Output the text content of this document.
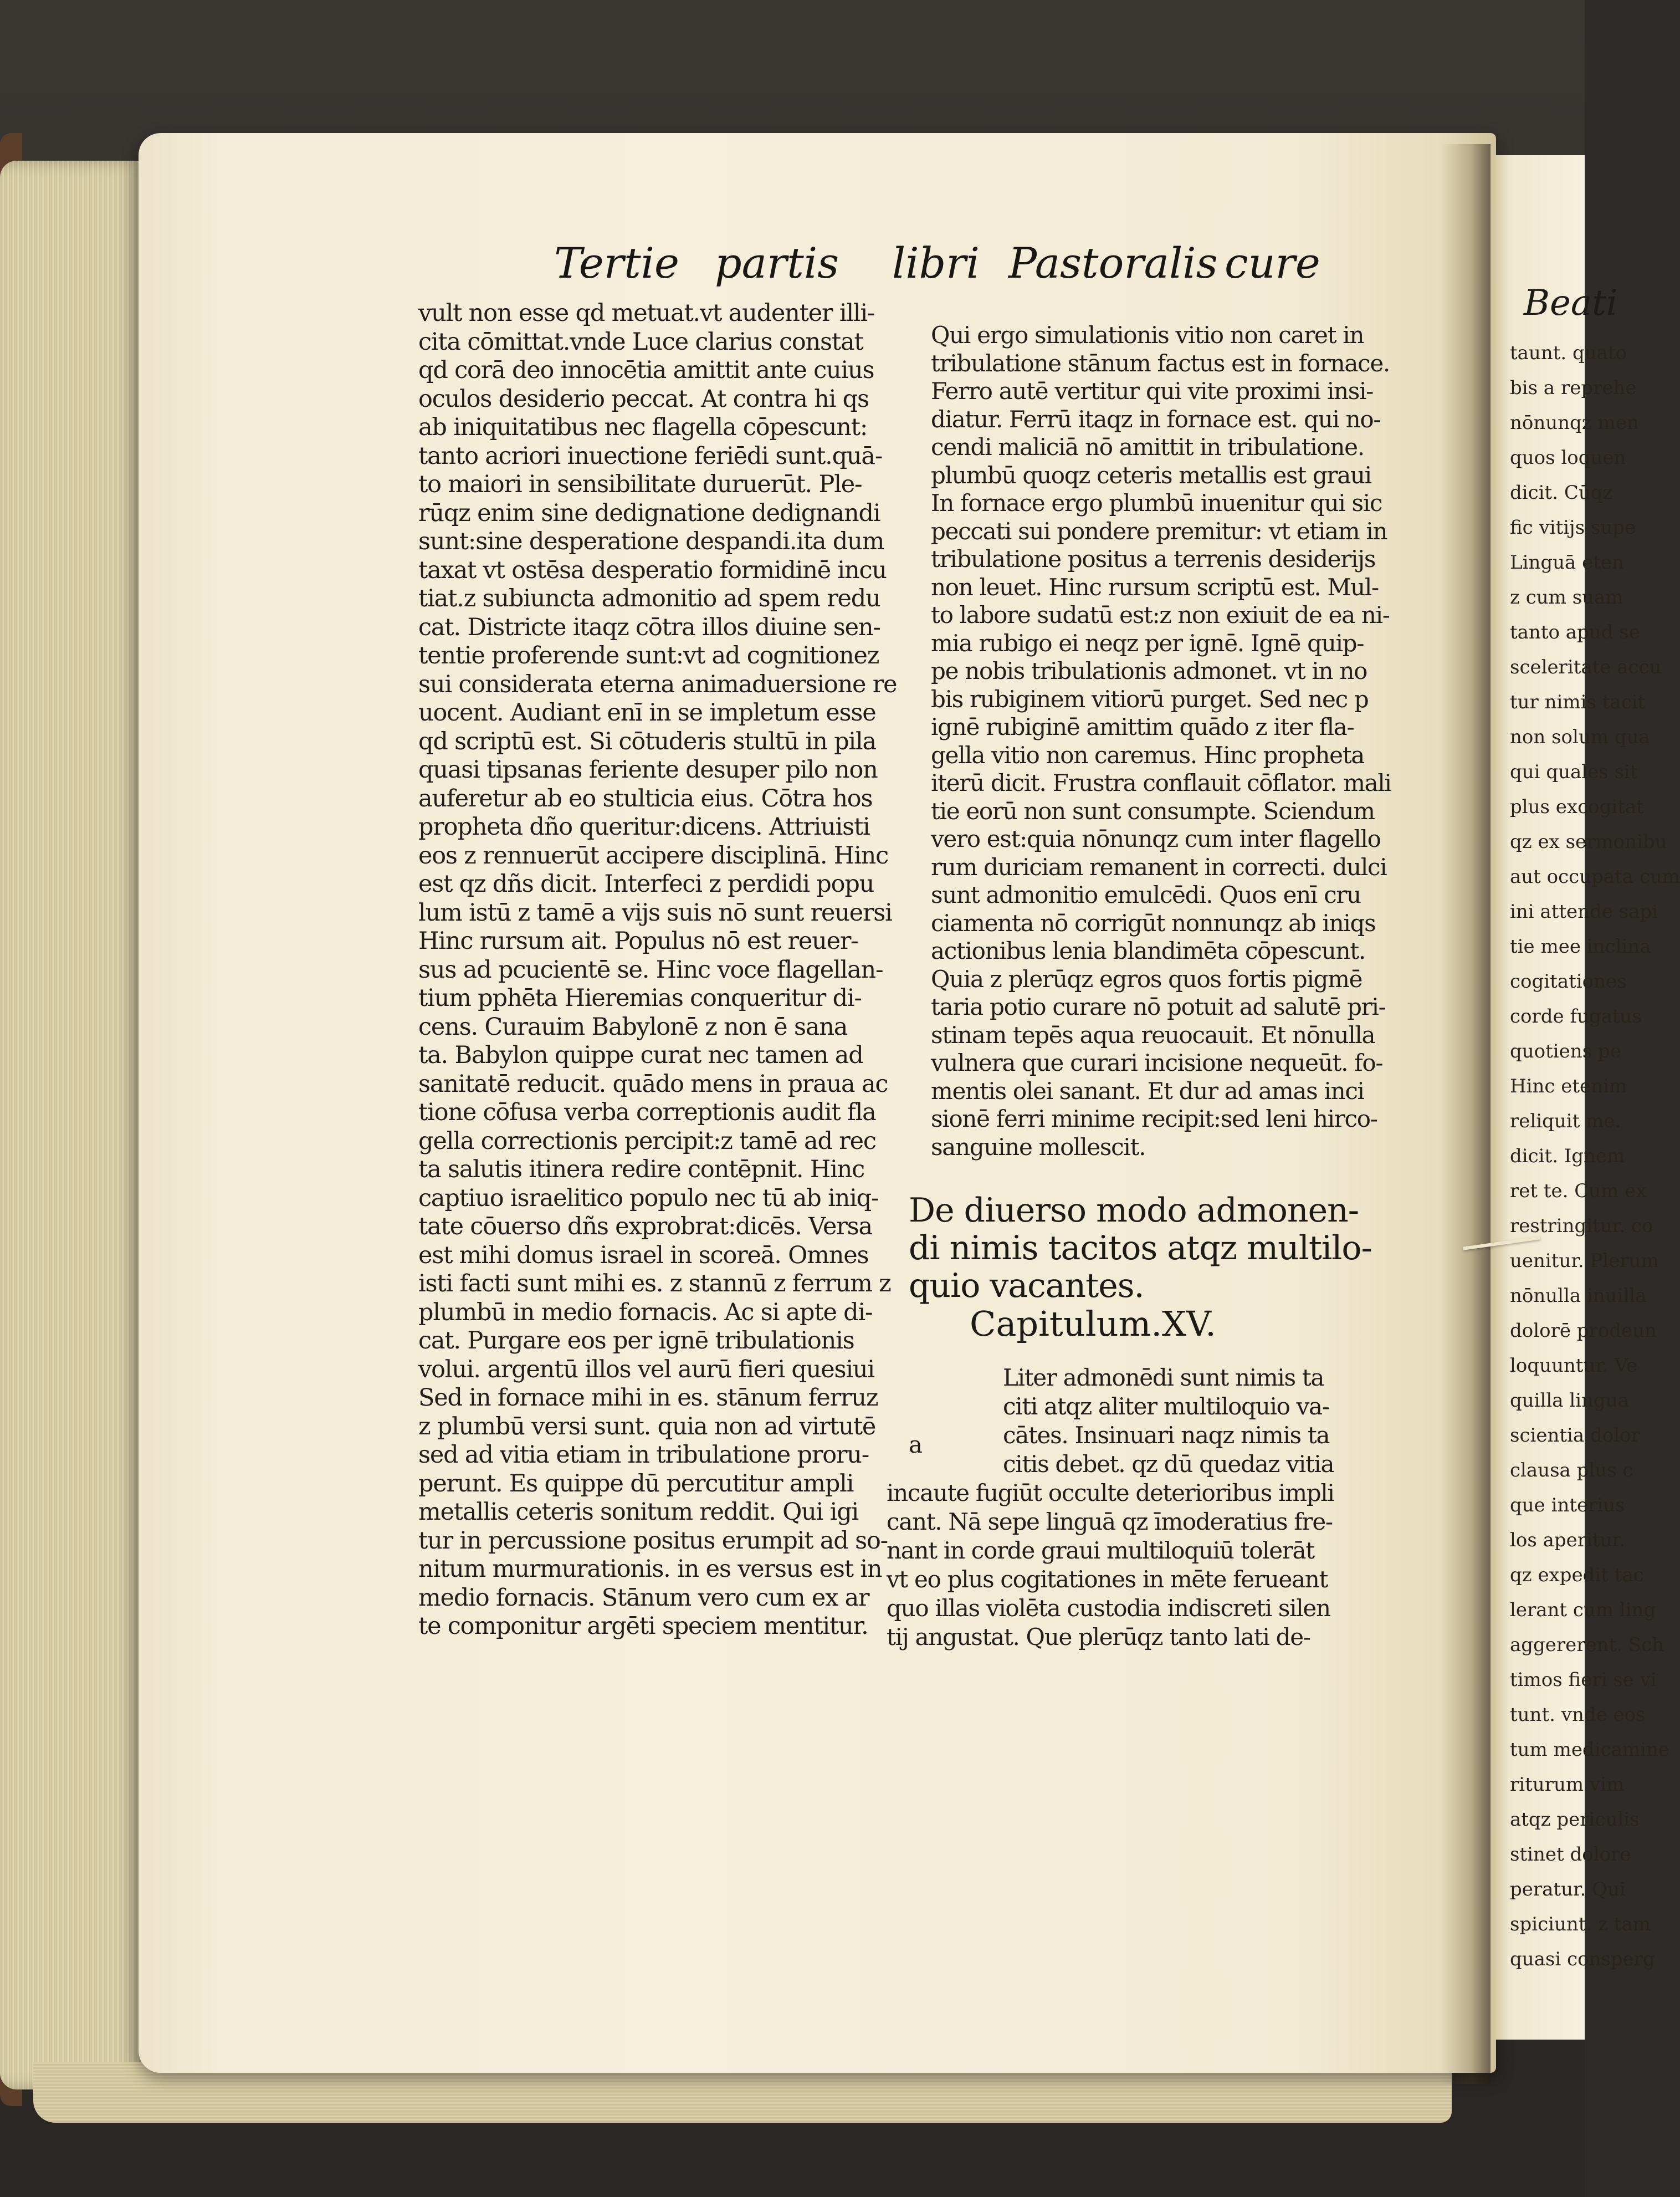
Beati
taunt. quato
bis a reprehe
nōnunqz men
quos loquen
dicit. Cūqz
fic vitijs supe
Linguā eten
z cum suam
tanto apud se
sceleritate accu
tur nimis tacit
non solum qua
qui quales sit
plus excogitat
qz ex sermonibu
aut occupata cum
ini attende sapi
tie mee inclina
cogitationes
corde fugatus
quotiens pe
Hinc etenim
reliquit me.
dicit. Ignem
ret te. Cum ex
restringitur. co
uenitur. Plerum
nōnulla inuilla
dolorē prodeun
loquuntur. Ve
quilla lingua
scientia dolor
clausa plus c
que interius
los aperitur.
qz expedit tac
lerant cum ling
aggererent. Sch
timos fieri se vi
tunt. vnde eos
tum medicamine
riturum vim
atqz periculis
stinet dolore
peratur. Qui
spiciunt. z tam
quasi consperg
Tertie partis libri Pastoralis cure
vult non esse qd metuat.vt audenter illi-
cita cōmittat.vnde Luce clarius constat
qd corā deo innocētia amittit ante cuius
oculos desiderio peccat. At contra hi qs
ab iniquitatibus nec flagella cōpescunt:
tanto acriori inuectione feriēdi sunt.quā-
to maiori in sensibilitate duruerūt. Ple-
rūqz enim sine dedignatione dedignandi
sunt:sine desperatione despandi.ita dum
taxat vt ostēsa desperatio formidinē incu
tiat.z subiuncta admonitio ad spem redu
cat. Districte itaqz cōtra illos diuine sen-
tentie proferende sunt:vt ad cognitionez
sui considerata eterna animaduersione re
uocent. Audiant enī in se impletum esse
qd scriptū est. Si cōtuderis stultū in pila
quasi tipsanas feriente desuper pilo non
auferetur ab eo stulticia eius. Cōtra hos
propheta dño queritur:dicens. Attriuisti
eos z rennuerūt accipere disciplinā. Hinc
est qz dñs dicit. Interfeci z perdidi popu
lum istū z tamē a vijs suis nō sunt reuersi
Hinc rursum ait. Populus nō est reuer-
sus ad pcucientē se. Hinc voce flagellan-
tium pphēta Hieremias conqueritur di-
cens. Curauim Babylonē z non ē sana
ta. Babylon quippe curat nec tamen ad
sanitatē reducit. quādo mens in praua ac
tione cōfusa verba correptionis audit fla
gella correctionis percipit:z tamē ad rec
ta salutis itinera redire contēpnit. Hinc
captiuo israelitico populo nec tū ab iniq-
tate cōuerso dñs exprobrat:dicēs. Versa
est mihi domus israel in scoreā. Omnes
isti facti sunt mihi es. z stannū z ferrum z
plumbū in medio fornacis. Ac si apte di-
cat. Purgare eos per ignē tribulationis
volui. argentū illos vel aurū fieri quesiui
Sed in fornace mihi in es. stānum ferruz
z plumbū versi sunt. quia non ad virtutē
sed ad vitia etiam in tribulatione proru-
perunt. Es quippe dū percutitur ampli
metallis ceteris sonitum reddit. Qui igi
tur in percussione positus erumpit ad so-
nitum murmurationis. in es versus est in
medio fornacis. Stānum vero cum ex ar
te componitur argēti speciem mentitur.
Qui ergo simulationis vitio non caret in
tribulatione stānum factus est in fornace.
Ferro autē vertitur qui vite proximi insi-
diatur. Ferrū itaqz in fornace est. qui no-
cendi maliciā nō amittit in tribulatione.
plumbū quoqz ceteris metallis est graui
In fornace ergo plumbū inuenitur qui sic
peccati sui pondere premitur: vt etiam in
tribulatione positus a terrenis desiderijs
non leuet. Hinc rursum scriptū est. Mul-
to labore sudatū est:z non exiuit de ea ni-
mia rubigo ei neqz per ignē. Ignē quip-
pe nobis tribulationis admonet. vt in no
bis rubiginem vitiorū purget. Sed nec p
ignē rubiginē amittim quādo z iter fla-
gella vitio non caremus. Hinc propheta
iterū dicit. Frustra conflauit cōflator. mali
tie eorū non sunt consumpte. Sciendum
vero est:quia nōnunqz cum inter flagello
rum duriciam remanent in correcti. dulci
sunt admonitio emulcēdi. Quos enī cru
ciamenta nō corrigūt nonnunqz ab iniqs
actionibus lenia blandimēta cōpescunt.
Quia z plerūqz egros quos fortis pigmē
taria potio curare nō potuit ad salutē pri-
stinam tepēs aqua reuocauit. Et nōnulla
vulnera que curari incisione nequeūt. fo-
mentis olei sanant. Et dur ad amas inci
sionē ferri minime recipit:sed leni hirco-
sanguine mollescit.
De diuerso modo admonen-
di nimis tacitos atqz multilo-
quio vacantes.
Capitulum.XV.
a
Liter admonēdi sunt nimis ta
citi atqz aliter multiloquio va-
cātes. Insinuari naqz nimis ta
citis debet. qz dū quedaz vitia
incaute fugiūt occulte deterioribus impli
cant. Nā sepe linguā qz īmoderatius fre-
nant in corde graui multiloquiū tolerāt
vt eo plus cogitationes in mēte ferueant
quo illas violēta custodia indiscreti silen
tij angustat. Que plerūqz tanto lati de-
